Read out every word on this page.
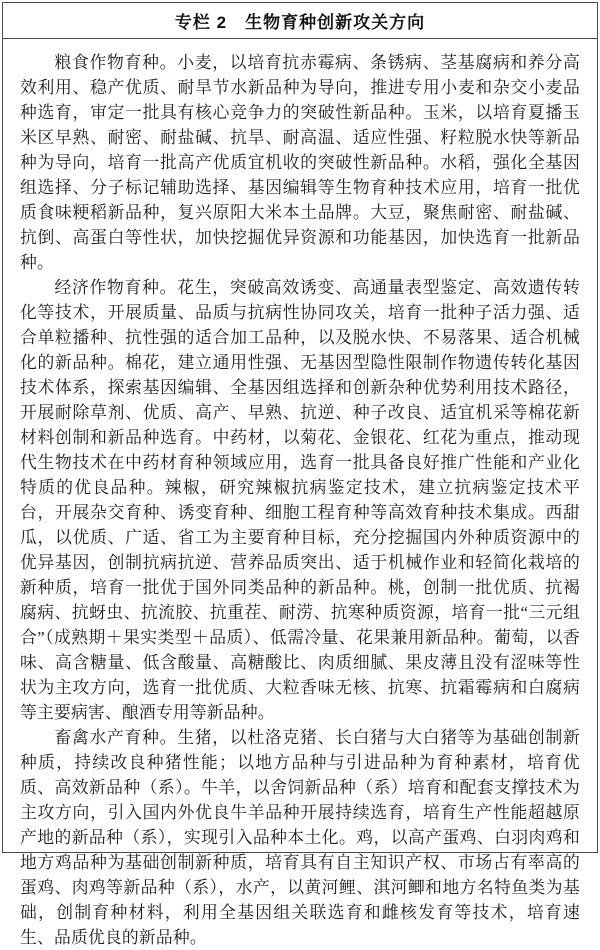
专栏 2　生物育种创新攻关方向

粮食作物育种。小麦，以培育抗赤霉病、条锈病、茎基腐病和养分高效利用、稳产优质、耐旱节水新品种为导向，推进专用小麦和杂交小麦品种选育，审定一批具有核心竞争力的突破性新品种。玉米，以培育夏播玉米区早熟、耐密、耐盐碱、抗旱、耐高温、适应性强、籽粒脱水快等新品种为导向，培育一批高产优质宜机收的突破性新品种。水稻，强化全基因组选择、分子标记辅助选择、基因编辑等生物育种技术应用，培育一批优质食味粳稻新品种，复兴原阳大米本土品牌。大豆，聚焦耐密、耐盐碱、抗倒、高蛋白等性状，加快挖掘优异资源和功能基因，加快选育一批新品种。

经济作物育种。花生，突破高效诱变、高通量表型鉴定、高效遗传转化等技术，开展质量、品质与抗病性协同攻关，培育一批种子活力强、适合单粒播种、抗性强的适合加工品种，以及脱水快、不易落果、适合机械化的新品种。棉花，建立通用性强、无基因型隐性限制作物遗传转化基因技术体系，探索基因编辑、全基因组选择和创新杂种优势利用技术路径，开展耐除草剂、优质、高产、早熟、抗逆、种子改良、适宜机采等棉花新材料创制和新品种选育。中药材，以菊花、金银花、红花为重点，推动现代生物技术在中药材育种领域应用，选育一批具备良好推广性能和产业化特质的优良品种。辣椒，研究辣椒抗病鉴定技术，建立抗病鉴定技术平台，开展杂交育种、诱变育种、细胞工程育种等高效育种技术集成。西甜瓜，以优质、广适、省工为主要育种目标，充分挖掘国内外种质资源中的优异基因，创制抗病抗逆、营养品质突出、适于机械作业和轻简化栽培的新种质，培育一批优于国外同类品种的新品种。桃，创制一批优质、抗褐腐病、抗蚜虫、抗流胶、抗重茬、耐涝、抗寒种质资源，培育一批“三元组合”（成熟期＋果实类型＋品质）、低需冷量、花果兼用新品种。葡萄，以香味、高含糖量、低含酸量、高糖酸比、肉质细腻、果皮薄且没有涩味等性状为主攻方向，选育一批优质、大粒香味无核、抗寒、抗霜霉病和白腐病等主要病害、酿酒专用等新品种。

畜禽水产育种。生猪，以杜洛克猪、长白猪与大白猪等为基础创制新种质，持续改良种猪性能；以地方品种与引进品种为育种素材，培育优质、高效新品种（系）。牛羊，以舍饲新品种（系）培育和配套支撑技术为主攻方向，引入国内外优良牛羊品种开展持续选育，培育生产性能超越原产地的新品种（系），实现引入品种本土化。鸡，以高产蛋鸡、白羽肉鸡和地方鸡品种为基础创制新种质，培育具有自主知识产权、市场占有率高的蛋鸡、肉鸡等新品种（系），水产，以黄河鲤、淇河鲫和地方名特鱼类为基础，创制育种材料，利用全基因组关联选育和雌核发育等技术，培育速生、品质优良的新品种。
